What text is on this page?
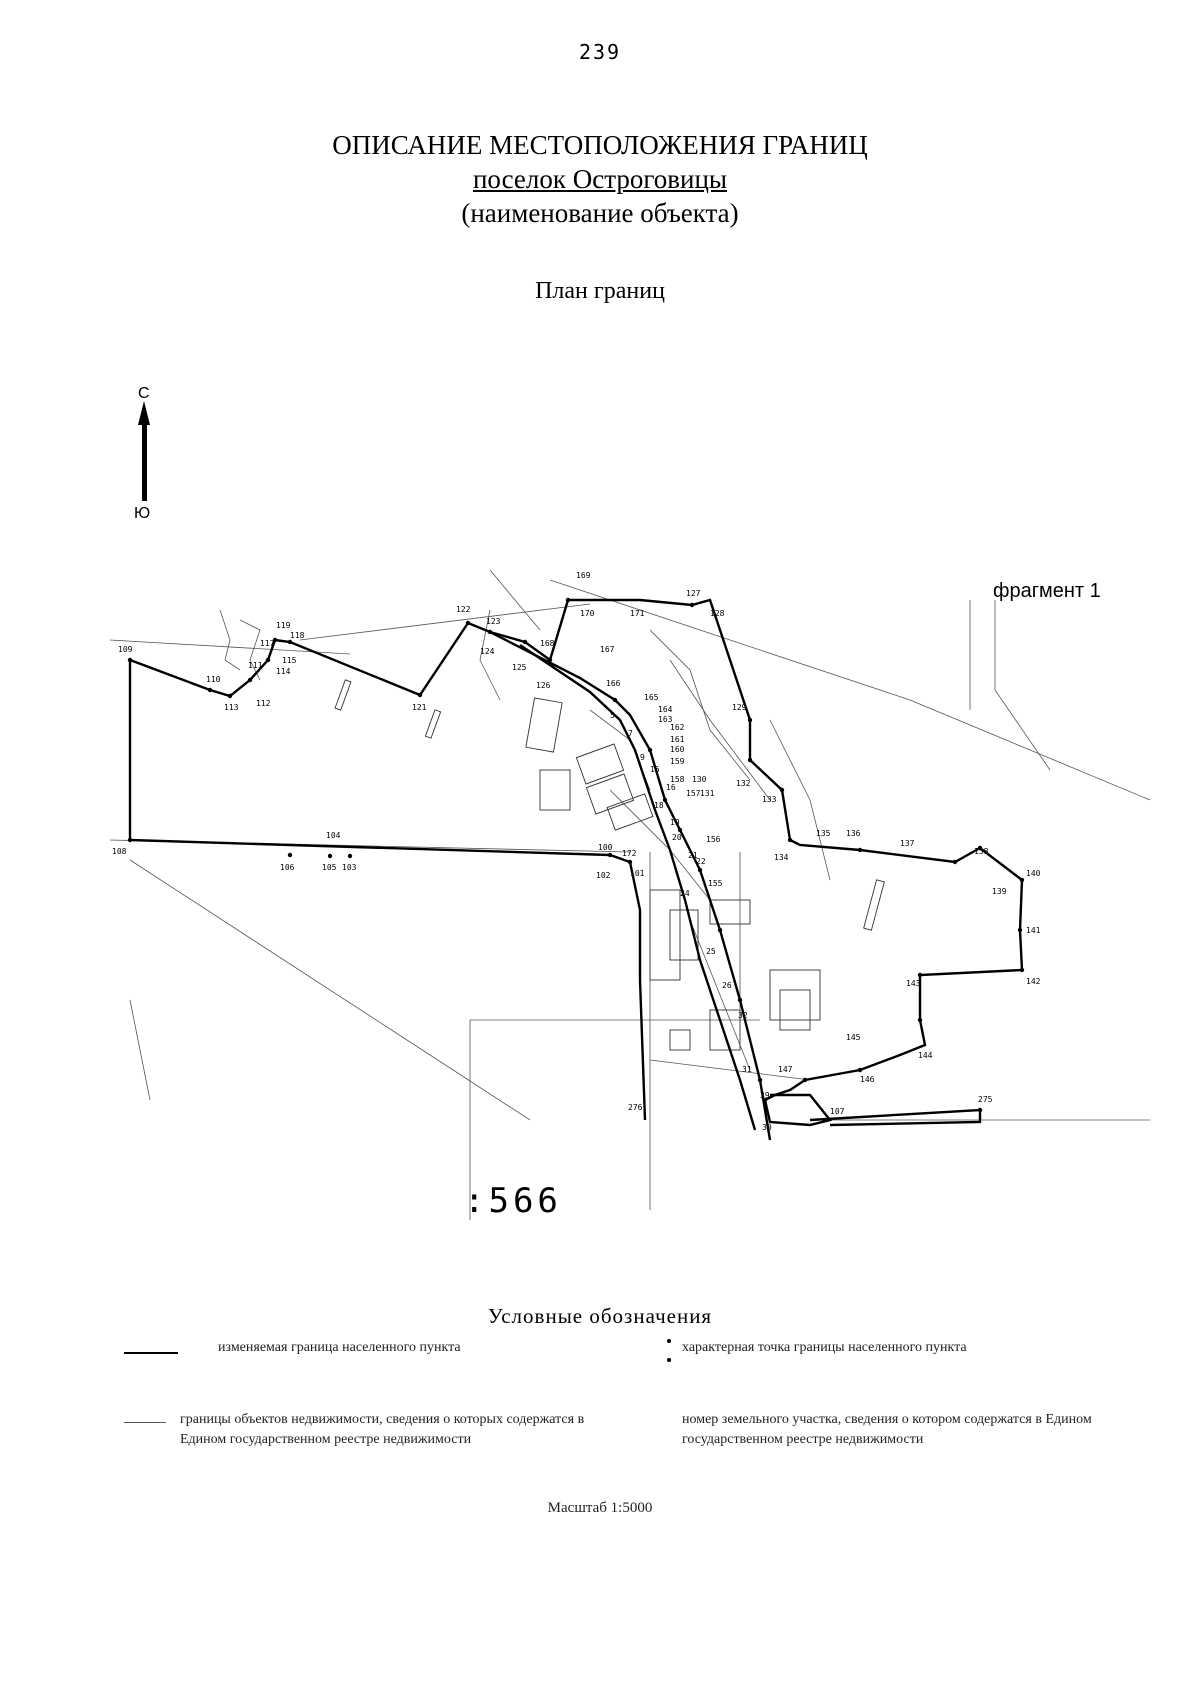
239
ОПИСАНИЕ МЕСТОПОЛОЖЕНИЯ ГРАНИЦ
поселок Остроговицы
(наименование объекта)
План границ
С
Ю
фрагмент 1
109
108
110
111
112
113
114
115
117
118
119
121
122
123
124
125
126
127
128
129
130
131
132
133
134
135 136
137
138
139
140
141
142
143
144
145
146
147
155
156
157
158
159
160
161
162
163
164
165
166
167
168
169
170	171
172
101
100
102
103
104
105
106
107
275
276
39
31
30
32
26
25
24
22
21
20
19
18
16
15
9
7
5
:566
Условные обозначения
изменяемая граница населенного пункта	характерная точка границы населенного пункта
границы объектов недвижимости, сведения о которых содержатся в Едином государственном реестре недвижимости
номер земельного участка, сведения о котором содержатся в Едином государственном реестре недвижимости
Масштаб 1:5000
